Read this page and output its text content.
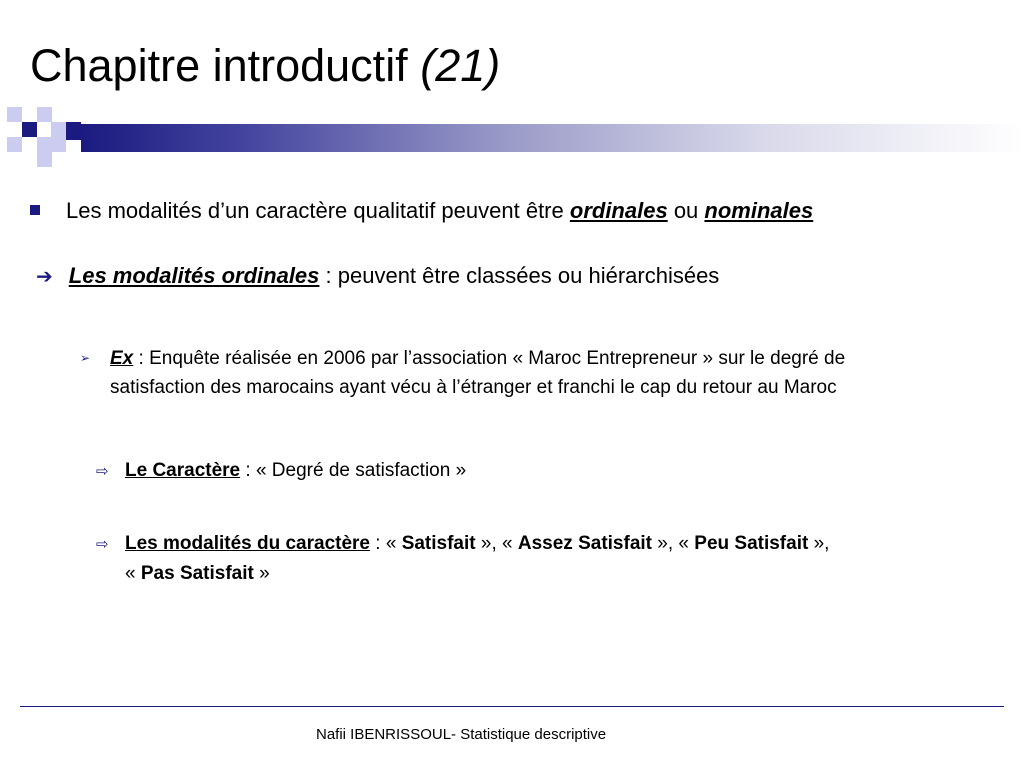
Chapitre introductif (21)
Les modalités d’un caractère qualitatif peuvent être ordinales ou nominales
➔ Les modalités ordinales : peuvent être classées ou hiérarchisées
➢ Ex : Enquête réalisée en 2006 par l’association « Maroc Entrepreneur » sur le degré de
satisfaction des marocains ayant vécu à l’étranger et franchi le cap du retour au Maroc
⇨ Le Caractère : « Degré de satisfaction »
⇨ Les modalités du caractère : « Satisfait », « Assez Satisfait », « Peu Satisfait »,
« Pas Satisfait »
Nafii IBENRISSOUL- Statistique descriptive
